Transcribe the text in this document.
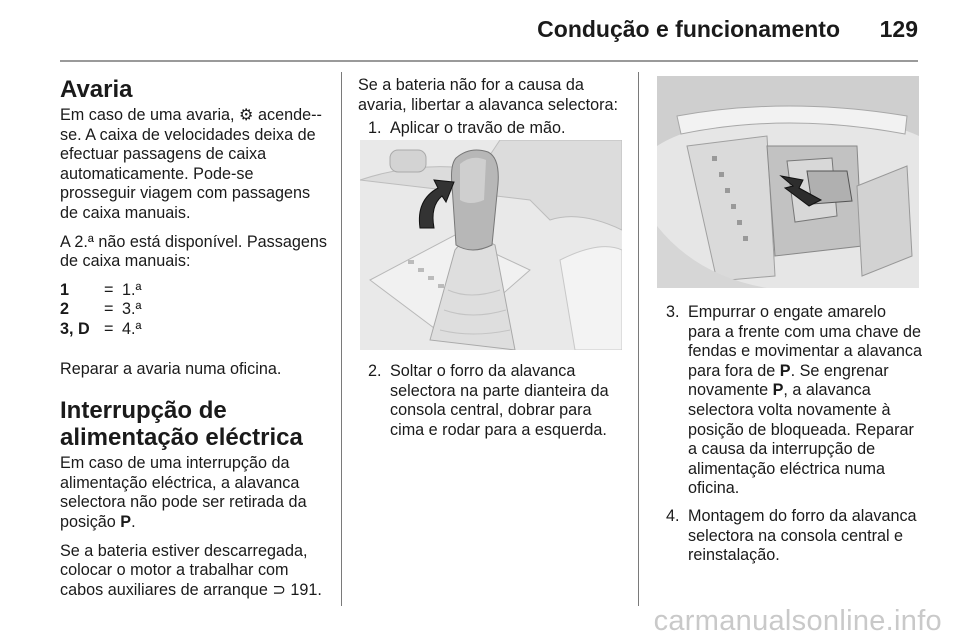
Condução e funcionamento 129
Avaria

Em caso de uma avaria, ⚙ acende--se. A caixa de velocidades deixa de efectuar passagens de caixa automaticamente. Pode-se prosseguir viagem com passagens de caixa manuais.

A 2.ª não está disponível. Passagens de caixa manuais:

1	= 1.ª
2	= 3.ª
3, D = 4.ª

Reparar a avaria numa oficina.

Interrupção de alimentação eléctrica

Em caso de uma interrupção da alimentação eléctrica, a alavanca selectora não pode ser retirada da posição P.

Se a bateria estiver descarregada, colocar o motor a trabalhar com cabos auxiliares de arranque ⊃ 191.

Se a bateria não for a causa da avaria, libertar a alavanca selectora:

1. Aplicar o travão de mão.
2. Soltar o forro da alavanca selectora na parte dianteira da consola central, dobrar para cima e rodar para a esquerda.
3. Empurrar o engate amarelo para a frente com uma chave de fendas e movimentar a alavanca para fora de P. Se engrenar novamente P, a alavanca selectora volta novamente à posição de bloqueada. Reparar a causa da interrupção de alimentação eléctrica numa oficina.
4. Montagem do forro da alavanca selectora na consola central e reinstalação.
carmanualsonline.info
